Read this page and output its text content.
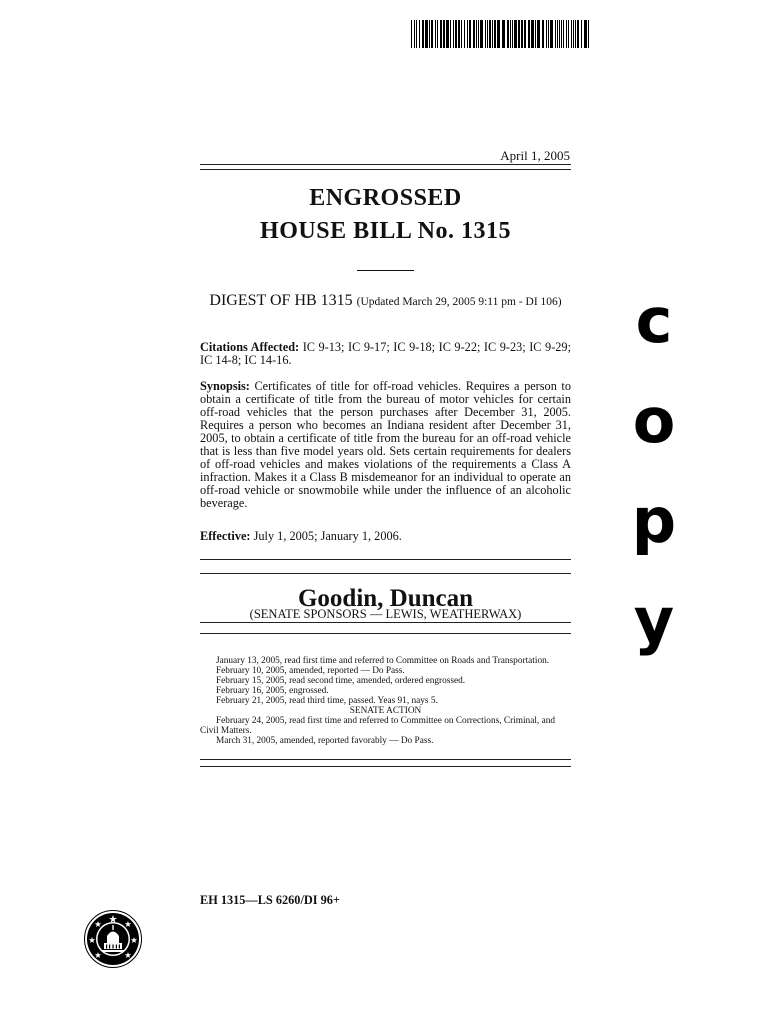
April 1, 2005
ENGROSSED
HOUSE BILL No. 1315
DIGEST OF HB 1315 (Updated March 29, 2005 9:11 pm - DI 106)
Citations Affected: IC 9-13; IC 9-17; IC 9-18; IC 9-22; IC 9-23; IC 9-29; IC 14-8; IC 14-16.
Synopsis: Certificates of title for off-road vehicles. Requires a person to obtain a certificate of title from the bureau of motor vehicles for certain off-road vehicles that the person purchases after December 31, 2005. Requires a person who becomes an Indiana resident after December 31, 2005, to obtain a certificate of title from the bureau for an off-road vehicle that is less than five model years old. Sets certain requirements for dealers of off-road vehicles and makes violations of the requirements a Class A infraction. Makes it a Class B misdemeanor for an individual to operate an off-road vehicle or snowmobile while under the influence of an alcoholic beverage.
Effective: July 1, 2005; January 1, 2006.
Goodin, Duncan
(SENATE SPONSORS — LEWIS, WEATHERWAX)
January 13, 2005, read first time and referred to Committee on Roads and Transportation.
February 10, 2005, amended, reported — Do Pass.
February 15, 2005, read second time, amended, ordered engrossed.
February 16, 2005, engrossed.
February 21, 2005, read third time, passed. Yeas 91, nays 5.
SENATE ACTION
February 24, 2005, read first time and referred to Committee on Corrections, Criminal, and Civil Matters.
March 31, 2005, amended, reported favorably — Do Pass.
c
o
p
y
EH 1315—LS 6260/DI 96+
